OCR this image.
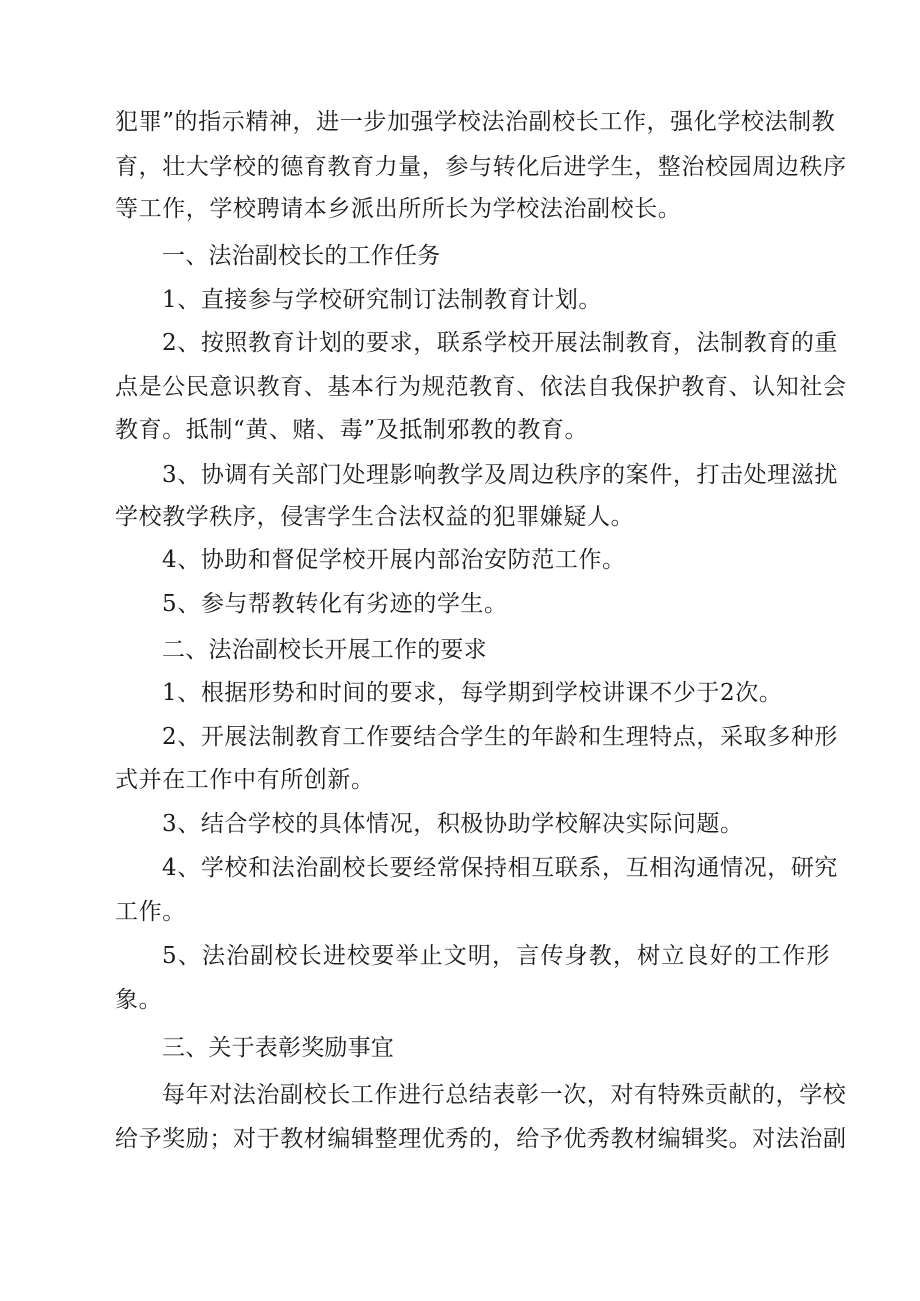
犯罪”的指示精神，进一步加强学校法治副校长工作，强化学校法制教
育，壮大学校的德育教育力量，参与转化后进学生，整治校园周边秩序
等工作，学校聘请本乡派出所所长为学校法治副校长。
一、法治副校长的工作任务
1、直接参与学校研究制订法制教育计划。
2、按照教育计划的要求，联系学校开展法制教育，法制教育的重
点是公民意识教育、基本行为规范教育、依法自我保护教育、认知社会
教育。抵制“黄、赌、毒”及抵制邪教的教育。
3、协调有关部门处理影响教学及周边秩序的案件，打击处理滋扰
学校教学秩序，侵害学生合法权益的犯罪嫌疑人。
4、协助和督促学校开展内部治安防范工作。
5、参与帮教转化有劣迹的学生。
二、法治副校长开展工作的要求
1、根据形势和时间的要求，每学期到学校讲课不少于2次。
2、开展法制教育工作要结合学生的年龄和生理特点，采取多种形
式并在工作中有所创新。
3、结合学校的具体情况，积极协助学校解决实际问题。
4、学校和法治副校长要经常保持相互联系，互相沟通情况，研究
工作。
5、法治副校长进校要举止文明，言传身教，树立良好的工作形
象。
三、关于表彰奖励事宜
每年对法治副校长工作进行总结表彰一次，对有特殊贡献的，学校
给予奖励；对于教材编辑整理优秀的，给予优秀教材编辑奖。对法治副
